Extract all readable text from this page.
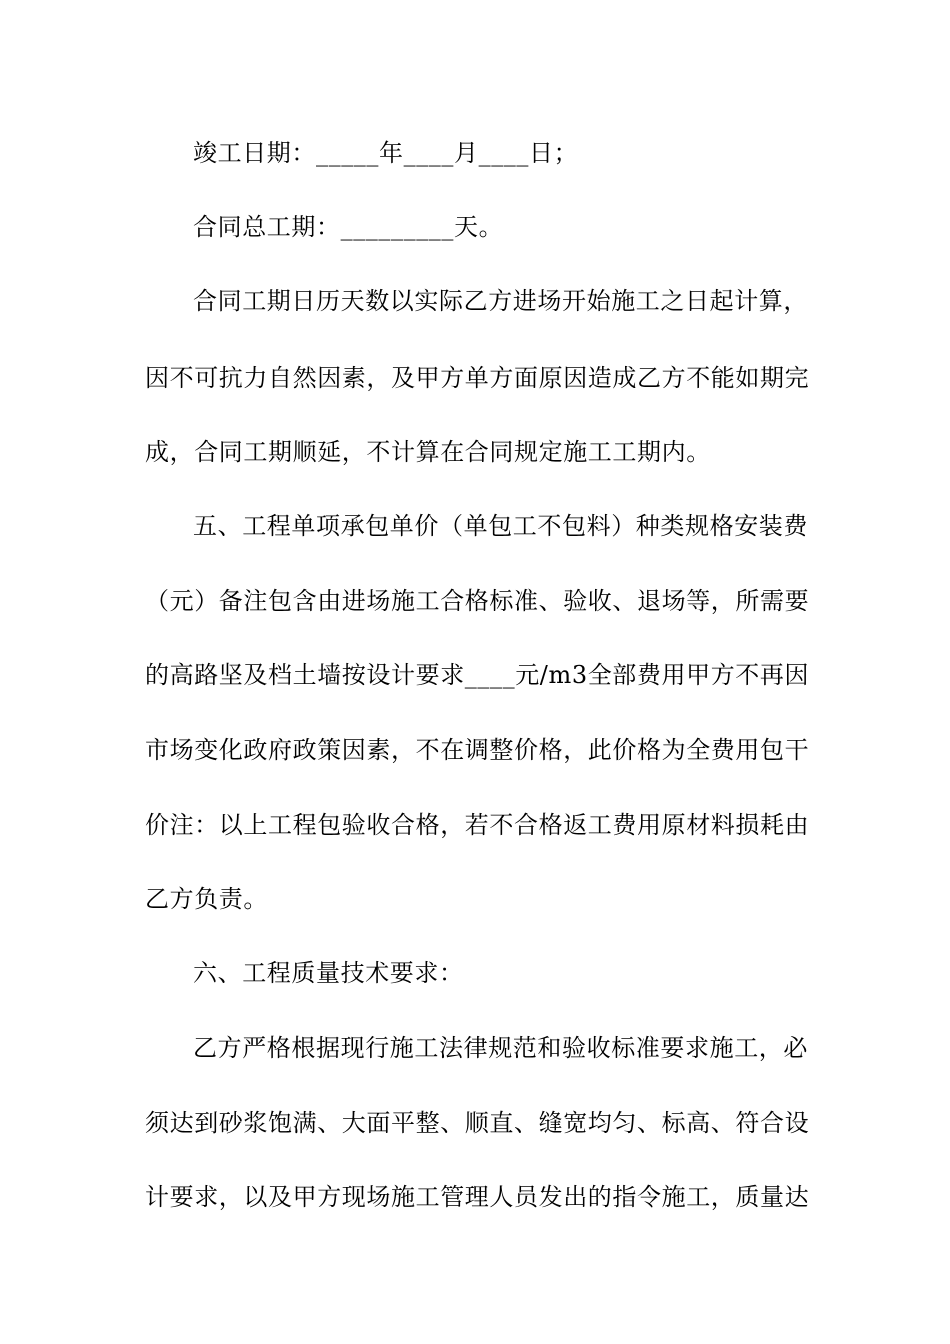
竣工日期：_____年____月____日；
合同总工期：_________天。
合同工期日历天数以实际乙方进场开始施工之日起计算，
因不可抗力自然因素，及甲方单方面原因造成乙方不能如期完
成，合同工期顺延，不计算在合同规定施工工期内。
五、工程单项承包单价（单包工不包料）种类规格安装费
（元）备注包含由进场施工合格标准、验收、退场等，所需要
的高路坚及档土墙按设计要求____元/m3全部费用甲方不再因
市场变化政府政策因素，不在调整价格，此价格为全费用包干
价注：以上工程包验收合格，若不合格返工费用原材料损耗由
乙方负责。
六、工程质量技术要求：
乙方严格根据现行施工法律规范和验收标准要求施工，必
须达到砂浆饱满、大面平整、顺直、缝宽均匀、标高、符合设
计要求，以及甲方现场施工管理人员发出的指令施工，质量达
